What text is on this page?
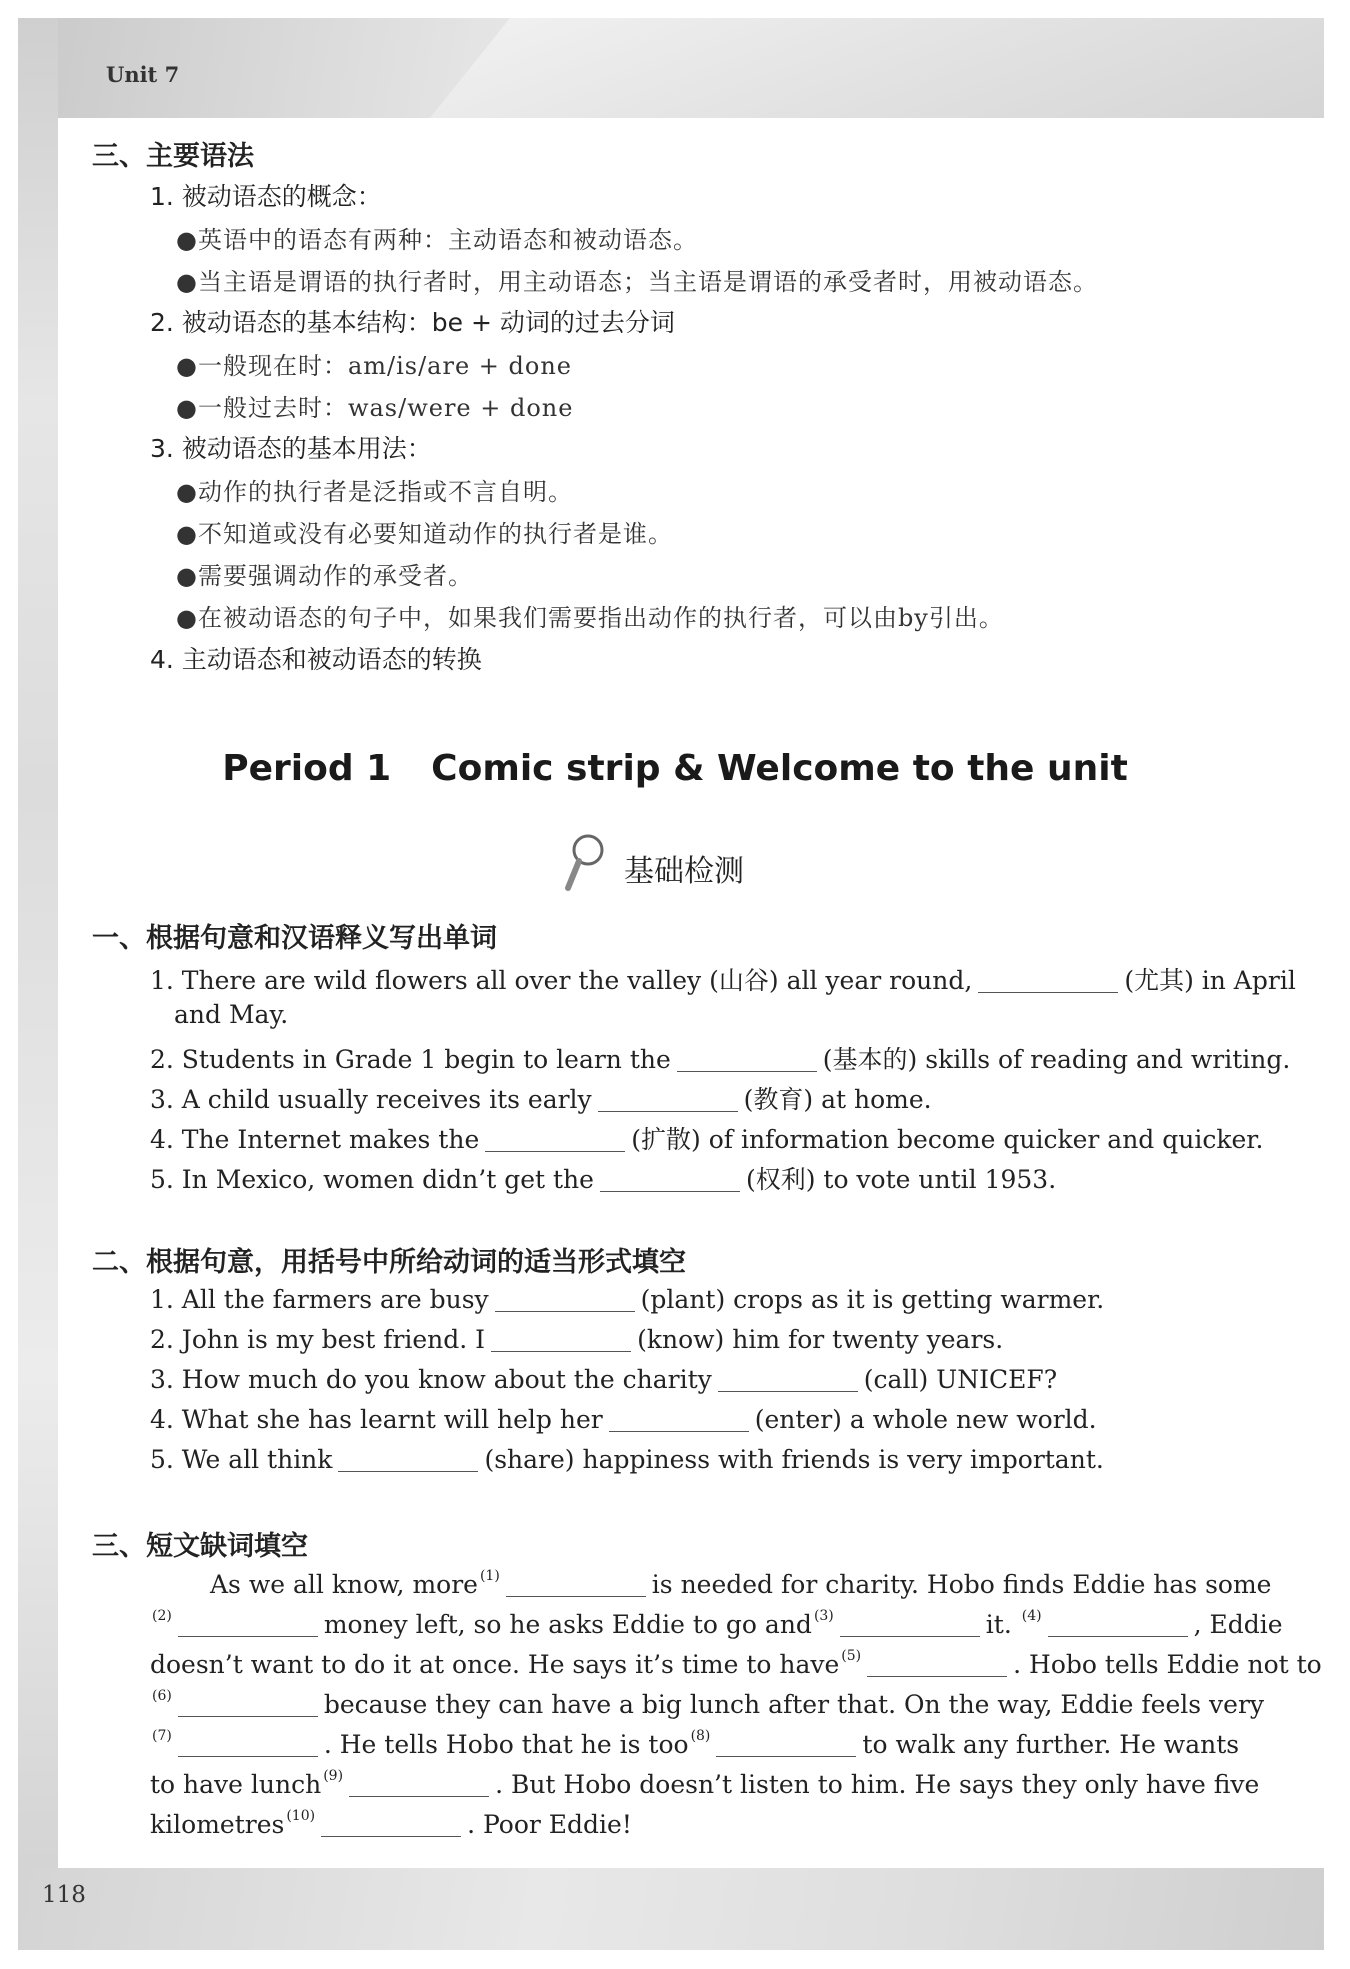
Unit 7
118
三、主要语法
1. 被动语态的概念：
●英语中的语态有两种：主动语态和被动语态。
●当主语是谓语的执行者时，用主动语态；当主语是谓语的承受者时，用被动语态。
2. 被动语态的基本结构：be + 动词的过去分词
●一般现在时：am/is/are + done
●一般过去时：was/were + done
3. 被动语态的基本用法：
●动作的执行者是泛指或不言自明。
●不知道或没有必要知道动作的执行者是谁。
●需要强调动作的承受者。
●在被动语态的句子中，如果我们需要指出动作的执行者，可以由by引出。
4. 主动语态和被动语态的转换
Period 1 Comic strip & Welcome to the unit
基础检测
一、根据句意和汉语释义写出单词
1. There are wild flowers all over the valley (山谷) all year round,	(尤其) in April
and May.
2. Students in Grade 1 begin to learn the	(基本的) skills of reading and writing.
3. A child usually receives its early	(教育) at home.
4. The Internet makes the	(扩散) of information become quicker and quicker.
5. In Mexico, women didn’t get the	(权利) to vote until 1953.
二、根据句意，用括号中所给动词的适当形式填空
1. All the farmers are busy	(plant) crops as it is getting warmer.
2. John is my best friend. I	(know) him for twenty years.
3. How much do you know about the charity	(call) UNICEF?
4. What she has learnt will help her	(enter) a whole new world.
5. We all think	(share) happiness with friends is very important.
三、短文缺词填空
As we all know, more $^{(1)}$	is needed for charity. Hobo finds Eddie has some
$^{(2)}$	money left, so he asks Eddie to go and $^{(3)}$	it. $^{(4)}$	, Eddie
doesn’t want to do it at once. He says it’s time to have $^{(5)}$	. Hobo tells Eddie not to
$^{(6)}$	because they can have a big lunch after that. On the way, Eddie feels very
$^{(7)}$	. He tells Hobo that he is too $^{(8)}$	to walk any further. He wants
to have lunch $^{(9)}$	. But Hobo doesn’t listen to him. He says they only have five
kilometres $^{(10)}$	. Poor Eddie!
